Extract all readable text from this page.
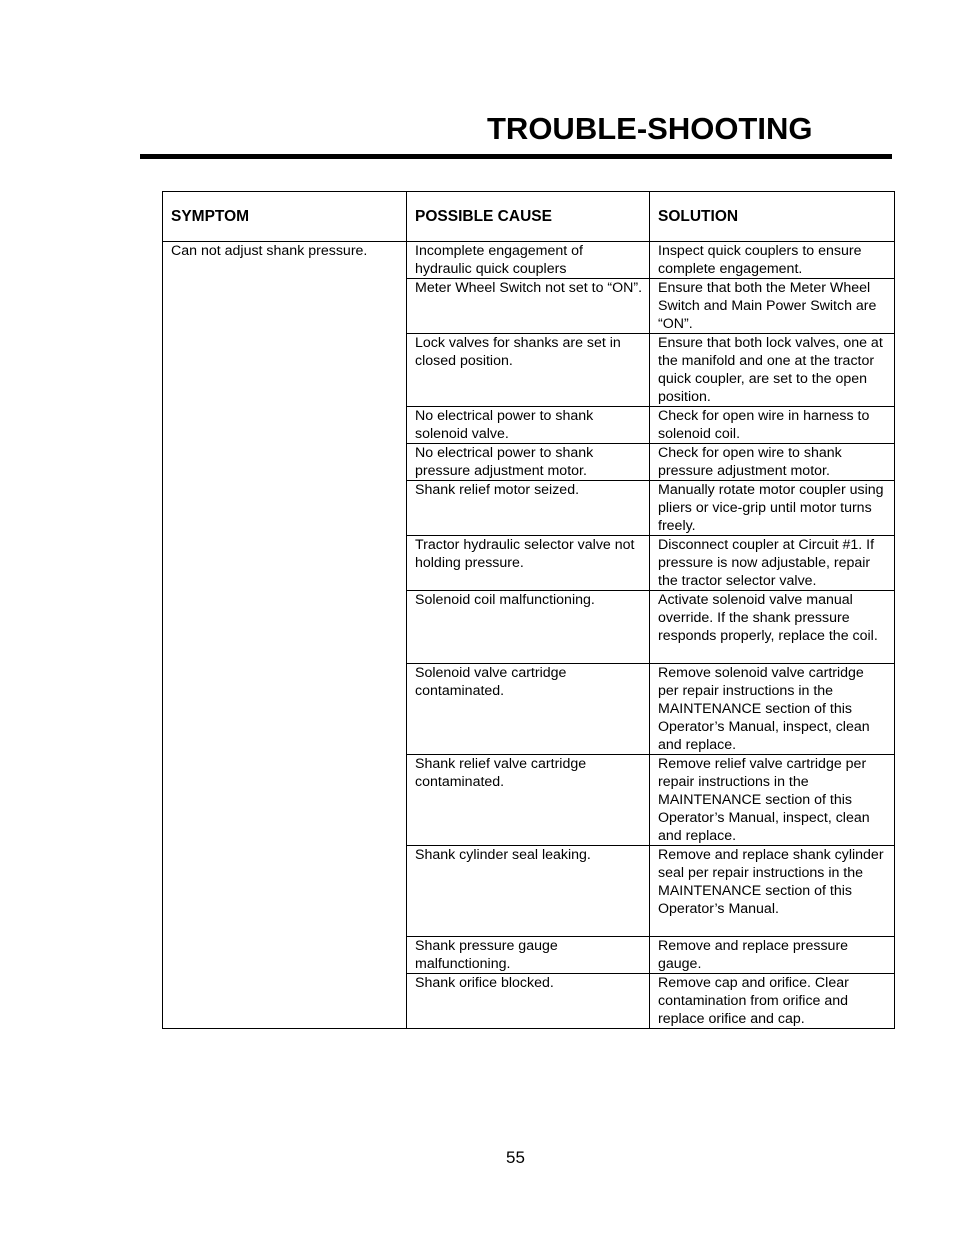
TROUBLE-SHOOTING
SYMPTOM	POSSIBLE CAUSE	SOLUTION
Can not adjust shank pressure.	Incomplete engagement of hydraulic quick couplers	Inspect quick couplers to ensure complete engagement.
	Meter Wheel Switch not set to “ON”.	Ensure that both the Meter Wheel Switch and Main Power Switch are “ON”.
	Lock valves for shanks are set in closed position.	Ensure that both lock valves, one at the manifold and one at the tractor quick coupler, are set to the open position.
	No electrical power to shank solenoid valve.	Check for open wire in harness to solenoid coil.
	No electrical power to shank pressure adjustment motor.	Check for open wire to shank pressure adjustment motor.
	Shank relief motor seized.	Manually rotate motor coupler using pliers or vice-grip until motor turns freely.
	Tractor hydraulic selector valve not holding pressure.	Disconnect coupler at Circuit #1. If pressure is now adjustable, repair the tractor selector valve.
	Solenoid coil malfunctioning.	Activate solenoid valve manual override. If the shank pressure responds properly, replace the coil.
	Solenoid valve cartridge contaminated.	Remove solenoid valve cartridge per repair instructions in the MAINTENANCE section of this Operator’s Manual, inspect, clean and replace.
	Shank relief valve cartridge contaminated.	Remove relief valve cartridge per repair instructions in the MAINTENANCE section of this Operator’s Manual, inspect, clean and replace.
	Shank cylinder seal leaking.	Remove and replace shank cylinder seal per repair instructions in the MAINTENANCE section of this Operator’s Manual.
	Shank pressure gauge malfunctioning.	Remove and replace pressure gauge.
	Shank orifice blocked.	Remove cap and orifice. Clear contamination from orifice and replace orifice and cap.
55
